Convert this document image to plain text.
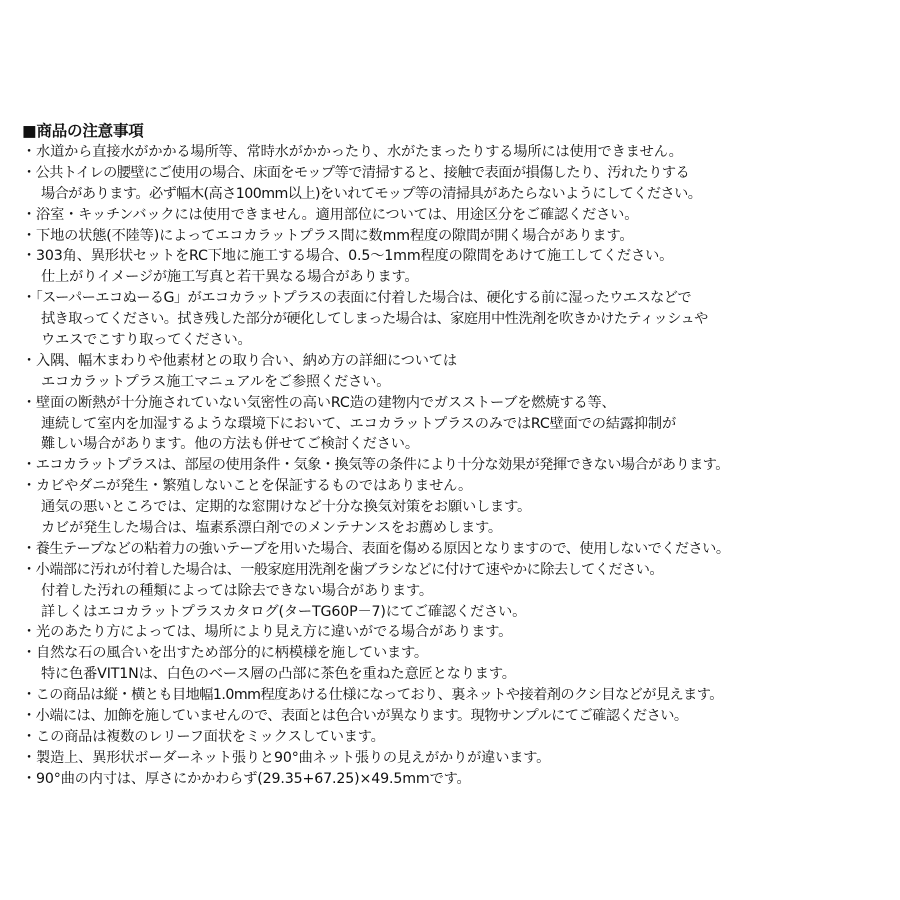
■商品の注意事項
・水道から直接水がかかる場所等、常時水がかかったり、水がたまったりする場所には使用できません。
・公共トイレの腰壁にご使用の場合、床面をモップ等で清掃すると、接触で表面が損傷したり、汚れたりする
場合があります。必ず幅木(高さ100mm以上)をいれてモップ等の清掃具があたらないようにしてください。
・浴室・キッチンバックには使用できません。適用部位については、用途区分をご確認ください。
・下地の状態(不陸等)によってエコカラットプラス間に数mm程度の隙間が開く場合があります。
・303角、異形状セットをRC下地に施工する場合、0.5～1mm程度の隙間をあけて施工してください。
仕上がりイメージが施工写真と若干異なる場合があります。
・「スーパーエコぬーるG」がエコカラットプラスの表面に付着した場合は、硬化する前に湿ったウエスなどで
拭き取ってください。拭き残した部分が硬化してしまった場合は、家庭用中性洗剤を吹きかけたティッシュや
ウエスでこすり取ってください。
・入隅、幅木まわりや他素材との取り合い、納め方の詳細については
エコカラットプラス施工マニュアルをご参照ください。
・壁面の断熱が十分施されていない気密性の高いRC造の建物内でガスストーブを燃焼する等、
連続して室内を加湿するような環境下において、エコカラットプラスのみではRC壁面での結露抑制が
難しい場合があります。他の方法も併せてご検討ください。
・エコカラットプラスは、部屋の使用条件・気象・換気等の条件により十分な効果が発揮できない場合があります。
・カビやダニが発生・繁殖しないことを保証するものではありません。
通気の悪いところでは、定期的な窓開けなど十分な換気対策をお願いします。
カビが発生した場合は、塩素系漂白剤でのメンテナンスをお薦めします。
・養生テープなどの粘着力の強いテープを用いた場合、表面を傷める原因となりますので、使用しないでください。
・小端部に汚れが付着した場合は、一般家庭用洗剤を歯ブラシなどに付けて速やかに除去してください。
付着した汚れの種類によっては除去できない場合があります。
詳しくはエコカラットプラスカタログ(ターTG60P－7)にてご確認ください。
・光のあたり方によっては、場所により見え方に違いがでる場合があります。
・自然な石の風合いを出すため部分的に柄模様を施しています。
特に色番VIT1Nは、白色のベース層の凸部に茶色を重ねた意匠となります。
・この商品は縦・横とも目地幅1.0mm程度あける仕様になっており、裏ネットや接着剤のクシ目などが見えます。
・小端には、加飾を施していませんので、表面とは色合いが異なります。現物サンプルにてご確認ください。
・この商品は複数のレリーフ面状をミックスしています。
・製造上、異形状ボーダーネット張りと90°曲ネット張りの見えがかりが違います。
・90°曲の内寸は、厚さにかかわらず(29.35+67.25)×49.5mmです。
